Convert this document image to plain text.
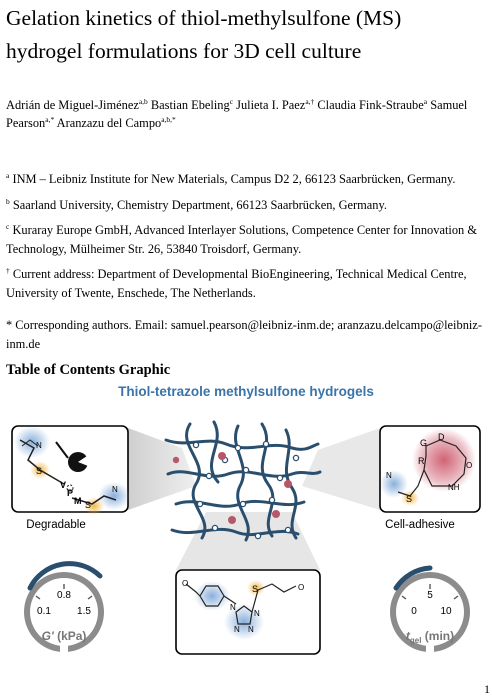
Gelation kinetics of thiol-methylsulfone (MS) hydrogel formulations for 3D cell culture
Adrián de Miguel-Jiménez$^{a,b}$ Bastian Ebeling$^c$ Julieta I. Paez$^{a,\dagger}$ Claudia Fink-Straube$^a$ Samuel Pearson$^{a,*}$ Aranzazu del Campo$^{a,b,*}$
$^a$ INM – Leibniz Institute for New Materials, Campus D2 2, 66123 Saarbrücken, Germany.
$^b$ Saarland University, Chemistry Department, 66123 Saarbrücken, Germany.
$^c$ Kuraray Europe GmbH, Advanced Interlayer Solutions, Competence Center for Innovation & Technology, Mülheimer Str. 26, 53840 Troisdorf, Germany.
† Current address: Department of Developmental BioEngineering, Technical Medical Centre, University of Twente, Enschede, The Netherlands.
* Corresponding authors. Email: samuel.pearson@leibniz-inm.de; aranzazu.delcampo@leibniz-inm.de
Table of Contents Graphic
Thiol-tetrazole methylsulfone hydrogels
N
S
S
N
V
P
M
Degradable
G
D
R	O
NH
S
N
Cell-adhesive
O	O
S
N
N N
N
0.8
0.1	1.5
G' (kPa)
5
0 10
$t_{gel}$ (min)
1
